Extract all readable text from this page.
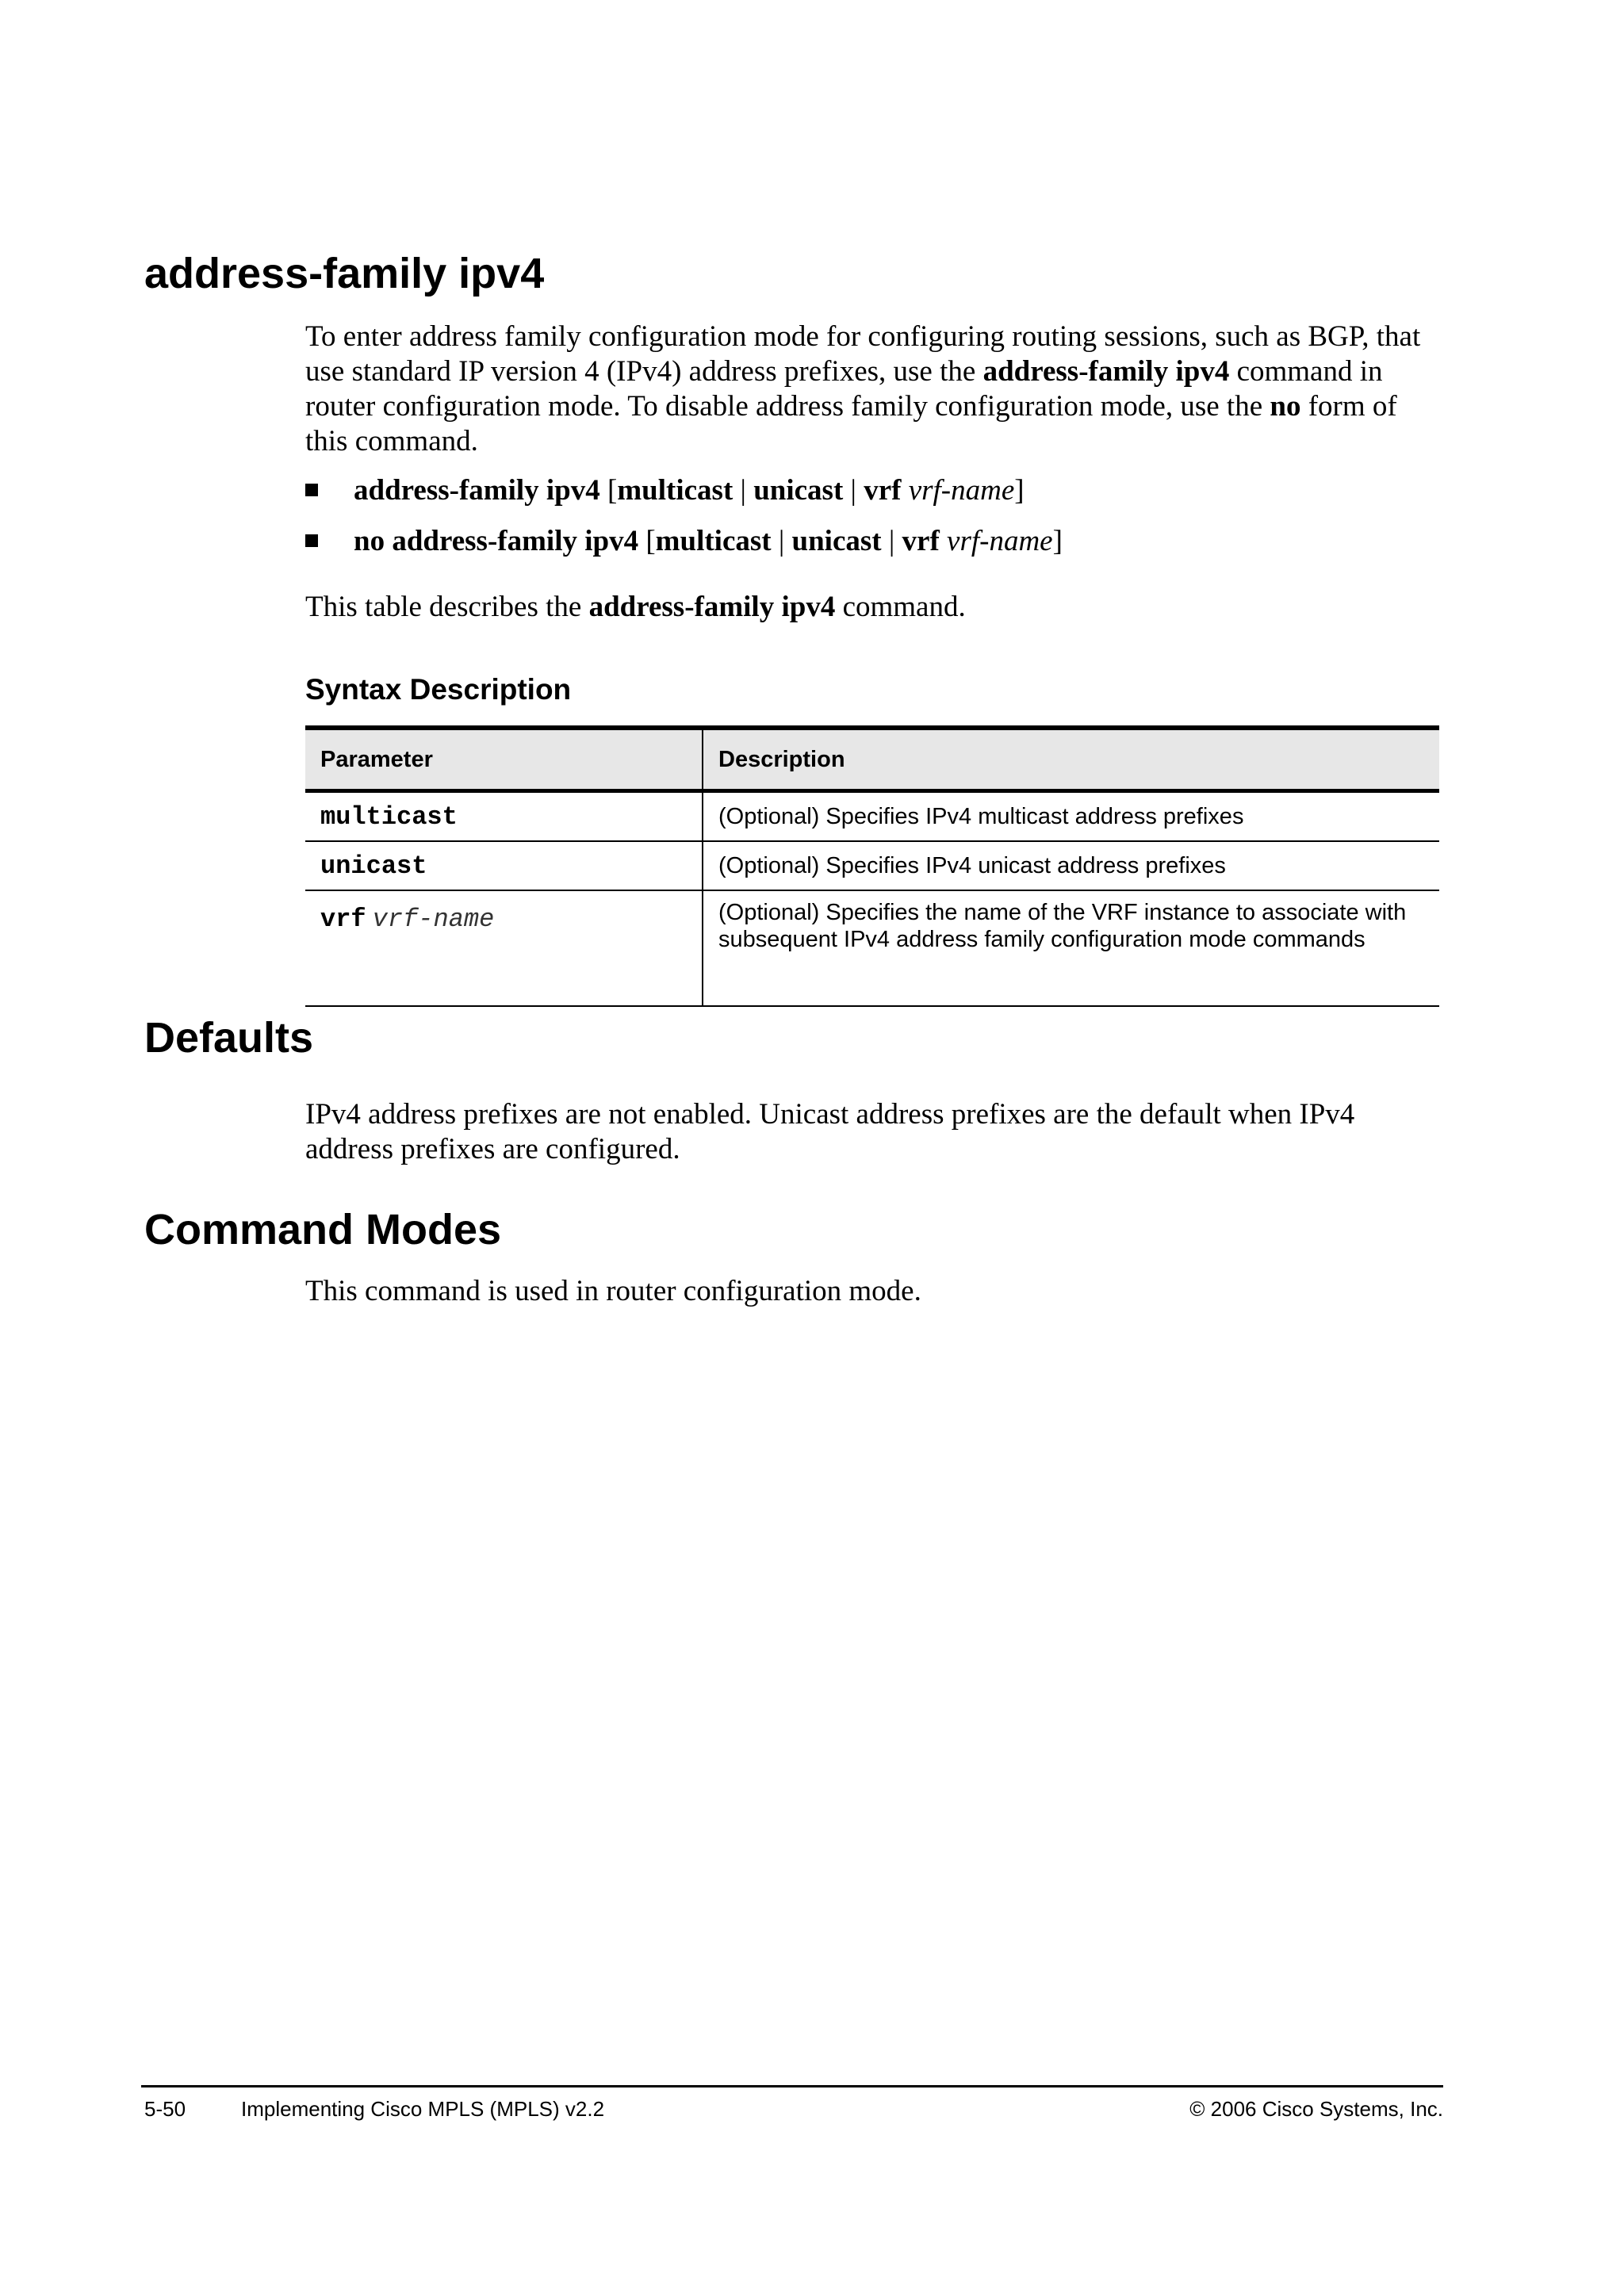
address-family ipv4

To enter address family configuration mode for configuring routing sessions, such as BGP, that use standard IP version 4 (IPv4) address prefixes, use the address-family ipv4 command in router configuration mode. To disable address family configuration mode, use the no form of this command.

address-family ipv4 [multicast | unicast | vrf vrf-name]
no address-family ipv4 [multicast | unicast | vrf vrf-name]

This table describes the address-family ipv4 command.

Syntax Description
Parameter	Description
multicast	(Optional) Specifies IPv4 multicast address prefixes
unicast	(Optional) Specifies IPv4 unicast address prefixes
vrf vrf-name	(Optional) Specifies the name of the VRF instance to associate with subsequent IPv4 address family configuration mode commands
Defaults

IPv4 address prefixes are not enabled. Unicast address prefixes are the default when IPv4 address prefixes are configured.

Command Modes

This command is used in router configuration mode.

5-50	Implementing Cisco MPLS (MPLS) v2.2	© 2006 Cisco Systems, Inc.
